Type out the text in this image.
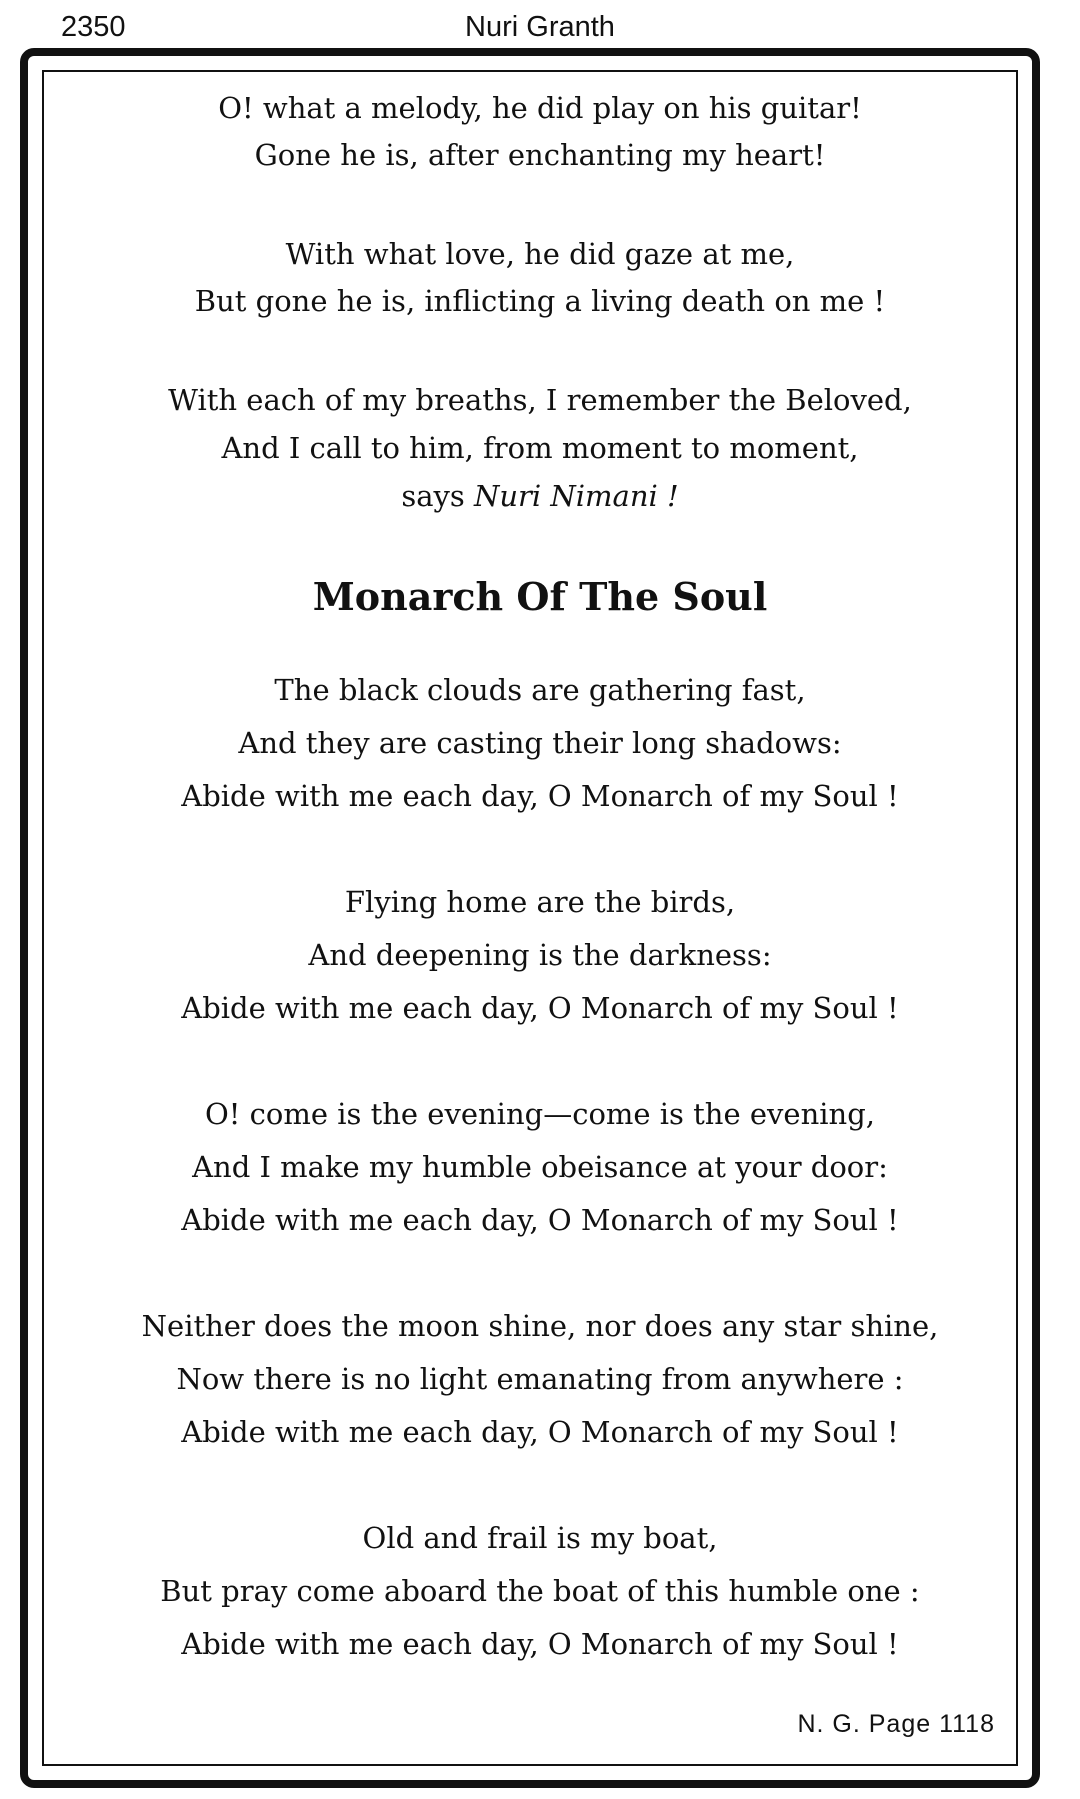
2350	Nuri Granth
O! what a melody, he did play on his guitar!
Gone he is, after enchanting my heart!
With what love, he did gaze at me,
But gone he is, inflicting a living death on me !
With each of my breaths, I remember the Beloved,
And I call to him, from moment to moment,
says Nuri Nimani !
Monarch Of The Soul
The black clouds are gathering fast,
And they are casting their long shadows:
Abide with me each day, O Monarch of my Soul !
Flying home are the birds,
And deepening is the darkness:
Abide with me each day, O Monarch of my Soul !
O! come is the evening—come is the evening,
And I make my humble obeisance at your door:
Abide with me each day, O Monarch of my Soul !
Neither does the moon shine, nor does any star shine,
Now there is no light emanating from anywhere :
Abide with me each day, O Monarch of my Soul !
Old and frail is my boat,
But pray come aboard the boat of this humble one :
Abide with me each day, O Monarch of my Soul !
N. G. Page 1118
